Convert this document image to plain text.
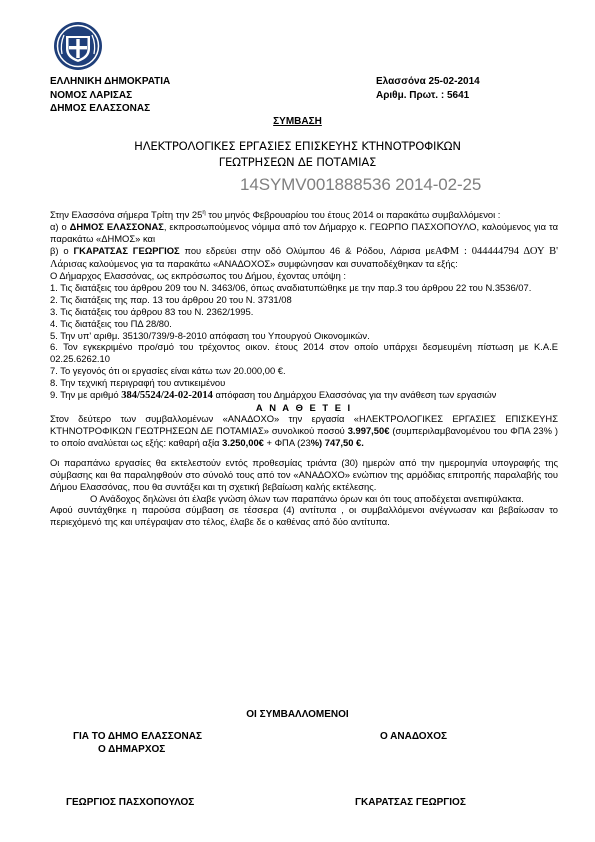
ΕΛΛΗΝΙΚΗ ΔΗΜΟΚΡΑΤΙΑ
ΝΟΜΟΣ ΛΑΡΙΣΑΣ
ΔΗΜΟΣ ΕΛΑΣΣΟΝΑΣ
Ελασσόνα 25-02-2014
Αριθμ. Πρωτ. : 5641
ΣΥΜΒΑΣΗ
ΗΛΕΚΤΡΟΛΟΓΙΚΕΣ ΕΡΓΑΣΙΕΣ ΕΠΙΣΚΕΥΗΣ ΚΤΗΝΟΤΡΟΦΙΚΩΝ
ΓΕΩΤΡΗΣΕΩΝ ΔΕ ΠΟΤΑΜΙΑΣ
14SYMV001888536 2014-02-25

Στην Ελασσόνα σήμερα Τρίτη την $25^\eta$ του μηνός Φεβρουαρίου του έτους 2014 οι παρακάτω συμβαλλόμενοι :

α) ο ΔΗΜΟΣ ΕΛΑΣΣΟΝΑΣ, εκπροσωπούμενος νόμιμα από τον Δήμαρχο κ. ΓΕΩΡΠΟ ΠΑΣΧΟΠΟΥΛΟ, καλούμενος για τα παρακάτω «ΔΗΜΟΣ» και

β) ο ΓΚΑΡΑΤΣΑΣ ΓΕΩΡΓΙΟΣ που εδρεύει στην οδό Ολύμπου 46 & Ρόδου, Λάρισα μεΑΦΜ : 044444794 ΔΟΥ Β' Λάρισας καλούμενος για τα παρακάτω «ΑΝΑΔΟΧΟΣ» συμφώνησαν και συναποδέχθηκαν τα εξής:

Ο Δήμαρχος Ελασσόνας, ως εκπρόσωπος του Δήμου, έχοντας υπόψη :

1. Τις διατάξεις του άρθρου 209 του Ν. 3463/06, όπως αναδιατυπώθηκε με την παρ.3 του άρθρου 22 του Ν.3536/07.

2. Τις διατάξεις της παρ. 13 του άρθρου 20 του Ν. 3731/08

3. Τις διατάξεις του άρθρου 83 του Ν. 2362/1995.

4. Τις διατάξεις του ΠΔ 28/80.

5. Την υπ' αριθμ. 35130/739/9-8-2010 απόφαση του Υπουργού Οικονομικών.

6. Τον εγκεκριμένο προ/σμό του τρέχοντος οικον. έτους 2014 στον οποίο υπάρχει δεσμευμένη πίστωση με Κ.Α.Ε 02.25.6262.10

7. Το γεγονός ότι οι εργασίες είναι κάτω των 20.000,00 €.

8. Την τεχνική περιγραφή του αντικειμένου

9. Την με αριθμό 384/5524/24-02-2014 απόφαση του Δημάρχου Ελασσόνας για την ανάθεση των εργασιών

Α Ν Α Θ Ε Τ Ε Ι

Στον δεύτερο των συμβαλλομένων «ΑΝΑΔΟΧΟ» την εργασία «ΗΛΕΚΤΡΟΛΟΓΙΚΕΣ ΕΡΓΑΣΙΕΣ ΕΠΙΣΚΕΥΗΣ ΚΤΗΝΟΤΡΟΦΙΚΩΝ ΓΕΩΤΡΗΣΕΩΝ ΔΕ ΠΟΤΑΜΙΑΣ» συνολικού ποσού 3.997,50€ (συμπεριλαμβανομένου του ΦΠΑ 23% ) το οποίο αναλύεται ως εξής: καθαρή αξία 3.250,00€ + ΦΠΑ (23%) 747,50 €.

Οι παραπάνω εργασίες θα εκτελεστούν εντός προθεσμίας τριάντα (30) ημερών από την ημερομηνία υπογραφής της σύμβασης και θα παραληφθούν στο σύνολό τους από τον «ΑΝΑΔΟΧΟ» ενώπιον της αρμόδιας επιτροπής παραλαβής του Δήμου Ελασσόνας, που θα συντάξει και τη σχετική βεβαίωση καλής εκτέλεσης.

Ο Ανάδοχος δηλώνει ότι έλαβε γνώση όλων των παραπάνω όρων και ότι τους αποδέχεται ανεπιφύλακτα.

Αφού συντάχθηκε η παρούσα σύμβαση σε τέσσερα (4) αντίτυπα , οι συμβαλλόμενοι ανέγνωσαν και βεβαίωσαν το περιεχόμενό της και υπέγραψαν στο τέλος, έλαβε δε ο καθένας από δύο αντίτυπα.

ΟΙ ΣΥΜΒΑΛΛΟΜΕΝΟΙ
ΓΙΑ ΤΟ ΔΗΜΟ ΕΛΑΣΣΟΝΑΣ
Ο ΔΗΜΑΡΧΟΣ
Ο ΑΝΑΔΟΧΟΣ
ΓΕΩΡΓΙΟΣ ΠΑΣΧΟΠΟΥΛΟΣ	ΓΚΑΡΑΤΣΑΣ ΓΕΩΡΓΙΟΣ
